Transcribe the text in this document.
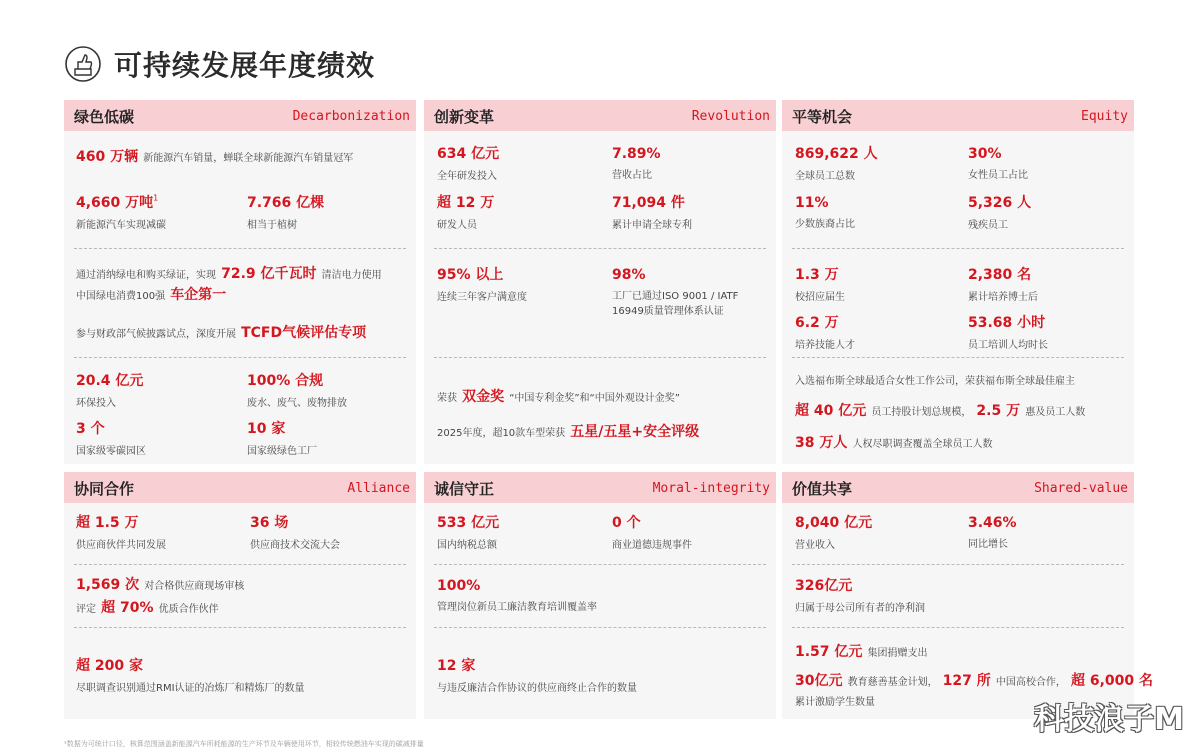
可持续发展年度绩效
绿色低碳	Decarbonization
460 万辆 新能源汽车销量，蝉联全球新能源汽车销量冠军
4,660 万吨$^1$
新能源汽车实现减碳
7.766 亿棵
相当于植树
通过消纳绿电和购买绿证，实现 72.9 亿千瓦时 清洁电力使用
中国绿电消费100强 车企第一
参与财政部气候披露试点，深度开展 TCFD气候评估专项
20.4 亿元
环保投入
100% 合规
废水、废气、废物排放
3 个
国家级零碳园区
10 家
国家级绿色工厂
创新变革	Revolution
634 亿元
全年研发投入
7.89%
营收占比
超 12 万
研发人员
71,094 件
累计申请全球专利
95% 以上
连续三年客户满意度
98%
工厂已通过ISO 9001 / IATF
16949质量管理体系认证
荣获 双金奖 “中国专利金奖”和“中国外观设计金奖”
2025年度，超10款车型荣获 五星/五星+安全评级
平等机会	Equity
869,622 人
全球员工总数
30%
女性员工占比
11%
少数族裔占比
5,326 人
残疾员工
1.3 万
校招应届生
2,380 名
累计培养博士后
6.2 万
培养技能人才
53.68 小时
员工培训人均时长
入选福布斯全球最适合女性工作公司，荣获福布斯全球最佳雇主
超 40 亿元 员工持股计划总规模， 2.5 万 惠及员工人数
38 万人 人权尽职调查覆盖全球员工人数
协同合作	Alliance
超 1.5 万
供应商伙伴共同发展
36 场
供应商技术交流大会
1,569 次 对合格供应商现场审核
评定 超 70% 优质合作伙伴
超 200 家
尽职调查识别通过RMI认证的冶炼厂和精炼厂的数量
诚信守正	Moral-integrity
533 亿元
国内纳税总额
0 个
商业道德违规事件
100%
管理岗位新员工廉洁教育培训覆盖率
12 家
与违反廉洁合作协议的供应商终止合作的数量
价值共享	Shared-value
8,040 亿元
营业收入
3.46%
同比增长
326亿元
归属于母公司所有者的净利润
1.57 亿元 集团捐赠支出
30亿元 教育慈善基金计划， 127 所 中国高校合作， 超 6,000 名
累计激励学生数量
¹数据为可统计口径，核算范围涵盖新能源汽车所耗能源的生产环节及车辆使用环节，相较传统燃油车实现的碳减排量
科技浪子M
